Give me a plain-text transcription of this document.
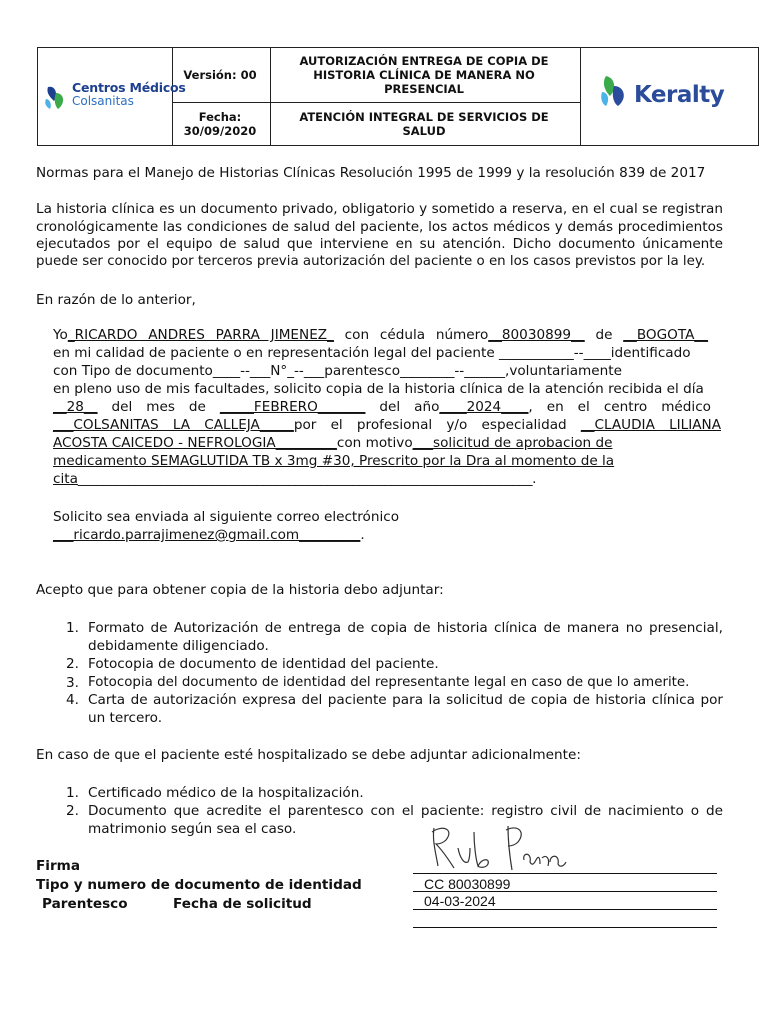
Centros Médicos
Colsanitas
Versión: 00
Fecha:
30/09/2020
AUTORIZACIÓN ENTREGA DE COPIA DE HISTORIA CLÍNICA DE MANERA NO PRESENCIAL
ATENCIÓN INTEGRAL DE SERVICIOS DE SALUD
Keralty
Normas para el Manejo de Historias Clínicas Resolución 1995 de 1999 y la resolución 839 de 2017
La historia clínica es un documento privado, obligatorio y sometido a reserva, en el cual se registran
cronológicamente las condiciones de salud del paciente, los actos médicos y demás procedimientos
ejecutados por el equipo de salud que interviene en su atención. Dicho documento únicamente
puede ser conocido por terceros previa autorización del paciente o en los casos previstos por la ley.
En razón de lo anterior,
Yo_RICARDO ANDRES PARRA JIMENEZ_ con cédula número__80030899__ de __BOGOTA__
en mi calidad de paciente o en representación legal del paciente ___________--____identificado
con Tipo de documento____--___N°_--___parentesco________--______,voluntariamente
en pleno uso de mis facultades, solicito copia de la historia clínica de la atención recibida el día
__28__ del mes de _____FEBRERO_______ del año____2024____, en el centro médico
___COLSANITAS LA CALLEJA_____por el profesional y/o especialidad __CLAUDIA LILIANA
ACOSTA CAICEDO - NEFROLOGIA_________con motivo___solicitud de aprobacion de
medicamento SEMAGLUTIDA TB x 3mg #30, Prescrito por la Dra al momento de la
cita_______________________________________________________________________.
Solicito sea enviada al siguiente correo electrónico
___ricardo.parrajimenez@gmail.com_________.
Acepto que para obtener copia de la historia debo adjuntar:
1. Formato de Autorización de entrega de copia de historia clínica de manera no presencial,
debidamente diligenciado.
2. Fotocopia de documento de identidad del paciente.
3. Fotocopia del documento de identidad del representante legal en caso de que lo amerite.
4. Carta de autorización expresa del paciente para la solicitud de copia de historia clínica por
un tercero.
En caso de que el paciente esté hospitalizado se debe adjuntar adicionalmente:
1. Certificado médico de la hospitalización.
2. Documento que acredite el parentesco con el paciente: registro civil de nacimiento o de
matrimonio según sea el caso.
Firma
Tipo y numero de documento de identidad
Parentesco	Fecha de solicitud
CC 80030899
04-03-2024
